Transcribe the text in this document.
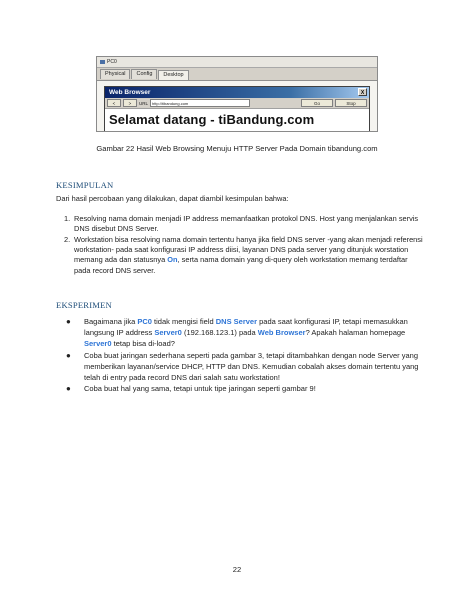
PC0
Physical	Config	Desktop
Web Browser	X
<	>	URL	http://tibandung.com	Go	Stop
Selamat datang - tiBandung.com
Gambar 22 Hasil Web Browsing Menuju HTTP Server Pada Domain tibandung.com
KESIMPULAN
Dari hasil percobaan yang dilakukan, dapat diambil kesimpulan bahwa:
1. Resolving nama domain menjadi IP address memanfaatkan protokol DNS. Host yang menjalankan servis DNS disebut DNS Server.
2. Workstation bisa resolving nama domain tertentu hanya jika field DNS server -yang akan menjadi referensi workstation- pada saat konfigurasi IP address diisi, layanan DNS pada server yang ditunjuk worstation memang ada dan statusnya On, serta nama domain yang di-query oleh workstation memang terdaftar pada record DNS server.
EKSPERIMEN
● Bagaimana jika PC0 tidak mengisi field DNS Server pada saat konfigurasi IP, tetapi memasukkan langsung IP address Server0 (192.168.123.1) pada Web Browser? Apakah halaman homepage Server0 tetap bisa di-load?
● Coba buat jaringan sederhana seperti pada gambar 3, tetapi ditambahkan dengan node Server yang memberikan layanan/service DHCP, HTTP dan DNS. Kemudian cobalah akses domain tertentu yang telah di entry pada record DNS dari salah satu workstation!
● Coba buat hal yang sama, tetapi untuk tipe jaringan seperti gambar 9!
22
